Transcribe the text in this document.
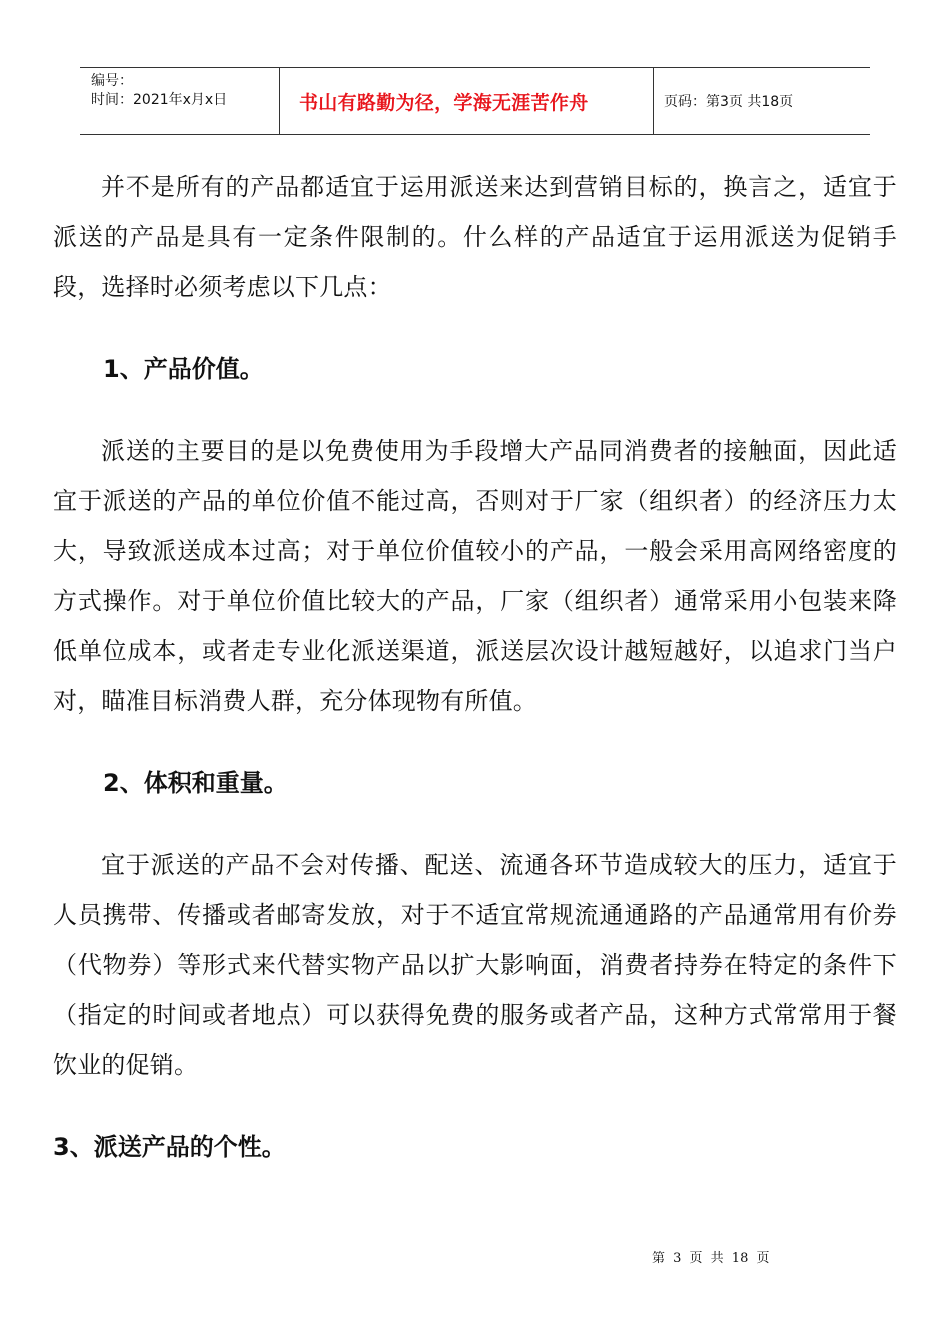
编号：
时间：2021年x月x日	书山有路勤为径，学海无涯苦作舟	页码：第3页 共18页

并不是所有的产品都适宜于运用派送来达到营销目标的，换言之，适宜于派送的产品是具有一定条件限制的。什么样的产品适宜于运用派送为促销手段，选择时必须考虑以下几点：

1、产品价值。

派送的主要目的是以免费使用为手段增大产品同消费者的接触面，因此适宜于派送的产品的单位价值不能过高，否则对于厂家（组织者）的经济压力太大，导致派送成本过高；对于单位价值较小的产品，一般会采用高网络密度的方式操作。对于单位价值比较大的产品，厂家（组织者）通常采用小包装来降低单位成本，或者走专业化派送渠道，派送层次设计越短越好，以追求门当户对，瞄准目标消费人群，充分体现物有所值。

2、体积和重量。

宜于派送的产品不会对传播、配送、流通各环节造成较大的压力，适宜于人员携带、传播或者邮寄发放，对于不适宜常规流通通路的产品通常用有价券（代物券）等形式来代替实物产品以扩大影响面，消费者持券在特定的条件下（指定的时间或者地点）可以获得免费的服务或者产品，这种方式常常用于餐饮业的促销。

3、派送产品的个性。

第 3 页 共 18 页
